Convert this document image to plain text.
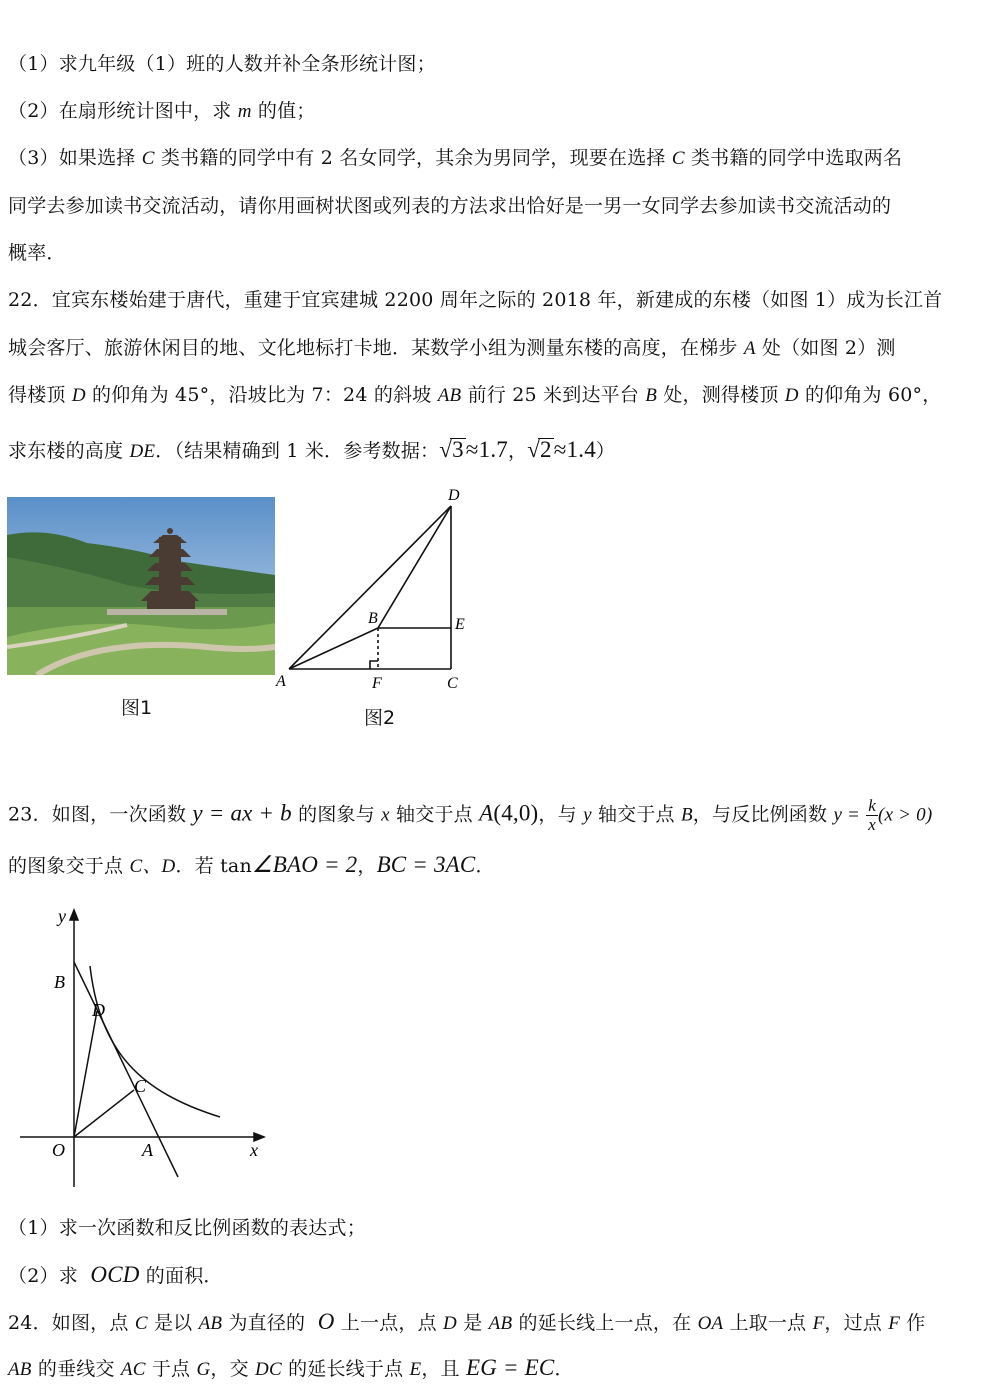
（1）求九年级（1）班的人数并补全条形统计图；
（2）在扇形统计图中，求 m 的值；
（3）如果选择 C 类书籍的同学中有 2 名女同学，其余为男同学，现要在选择 C 类书籍的同学中选取两名
同学去参加读书交流活动，请你用画树状图或列表的方法求出恰好是一男一女同学去参加读书交流活动的
概率．
22．宜宾东楼始建于唐代，重建于宜宾建城 2200 周年之际的 2018 年，新建成的东楼（如图 1）成为长江首
城会客厅、旅游休闲目的地、文化地标打卡地．某数学小组为测量东楼的高度，在梯步 A 处（如图 2）测
得楼顶 D 的仰角为 45°，沿坡比为 7：24 的斜坡 AB 前行 25 米到达平台 B 处，测得楼顶 D 的仰角为 60°，
求东楼的高度 DE．（结果精确到 1 米．参考数据：√3≈1.7，√2≈1.4）
图1
D
B	E
A	F	C
图2
23．如图，一次函数 y = ax + b 的图象与 x 轴交于点 A(4,0)，与 y 轴交于点 B，与反比例函数 $y = \frac{k}{x} (x > 0)$
的图象交于点 C、D．若 tan∠BAO = 2，BC = 3AC．
y
x
O	A
B
D
C
（1）求一次函数和反比例函数的表达式；
（2）求  OCD 的面积．
24．如图，点 C 是以 AB 为直径的  O 上一点，点 D 是 AB 的延长线上一点，在 OA 上取一点 F，过点 F 作
AB 的垂线交 AC 于点 G，交 DC 的延长线于点 E，且 EG = EC．
